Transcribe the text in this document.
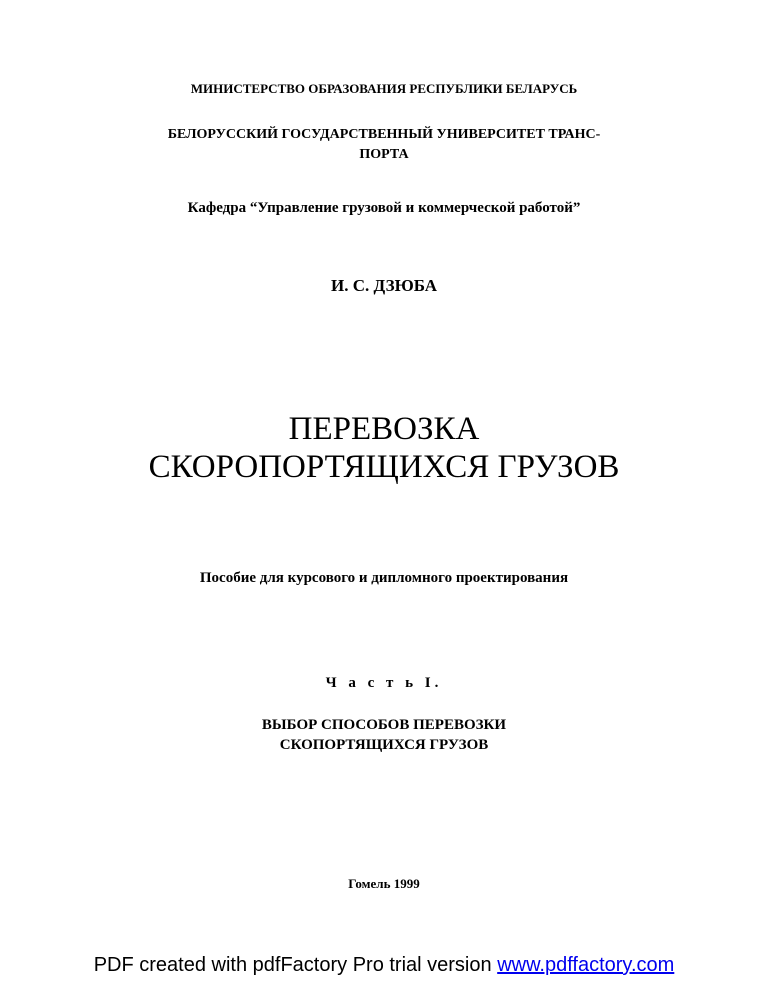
МИНИСТЕРСТВО ОБРАЗОВАНИЯ РЕСПУБЛИКИ БЕЛАРУСЬ
БЕЛОРУССКИЙ ГОСУДАРСТВЕННЫЙ УНИВЕРСИТЕТ ТРАНС-
ПОРТА
Кафедра “Управление грузовой и коммерческой работой”
И. С. ДЗЮБА
ПЕРЕВОЗКА
СКОРОПОРТЯЩИХСЯ ГРУЗОВ
Пособие для курсового и дипломного проектирования
Ч а с т ь I.
ВЫБОР СПОСОБОВ ПЕРЕВОЗКИ
СКОПОРТЯЩИХСЯ ГРУЗОВ
Гомель 1999
PDF created with pdfFactory Pro trial version www.pdffactory.com
